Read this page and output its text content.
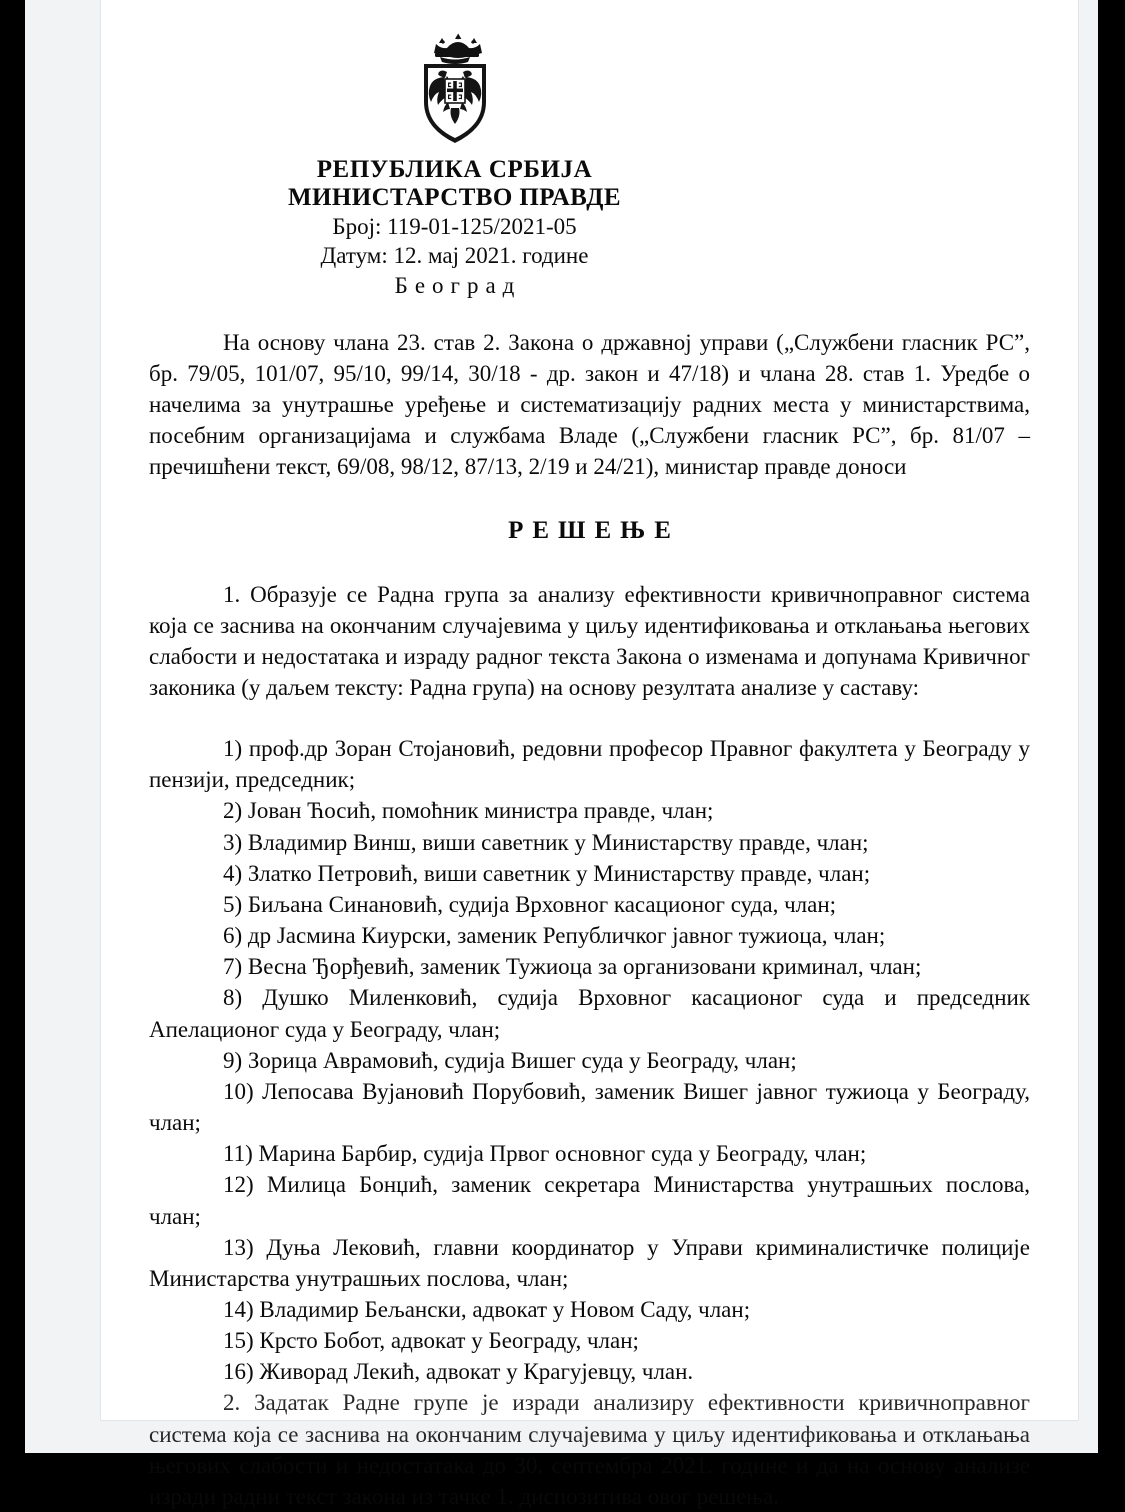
РЕПУБЛИКА СРБИЈА
МИНИСТАРСТВО ПРАВДЕ
Број: 119-01-125/2021-05
Датум: 12. мај 2021. године
Београд

На основу члана 23. став 2. Закона о државној управи („Службени гласник РС”, бр. 79/05, 101/07, 95/10, 99/14, 30/18 - др. закон и 47/18) и члана 28. став 1. Уредбе о начелима за унутрашње уређење и систематизацију радних места у министарствима, посебним организацијама и службама Владе („Службени гласник РС”, бр. 81/07 – пречишћени текст, 69/08, 98/12, 87/13, 2/19 и 24/21), министар правде доноси

РЕШЕЊЕ

1. Образује се Радна група за анализу ефективности кривичноправног система која се заснива на окончаним случајевима у циљу идентификовања и отклањања његових слабости и недостатака и израду радног текста Закона о изменама и допунама Кривичног законика (у даљем тексту: Радна група) на основу резултата анализе у саставу:

1) проф.др Зоран Стојановић, редовни професор Правног факултета у Београду у пензији, председник;
2) Јован Ћосић, помоћник министра правде, члан;
3) Владимир Винш, виши саветник у Министарству правде, члан;
4) Златко Петровић, виши саветник у Министарству правде, члан;
5) Биљана Синановић, судија Врховног касационог суда, члан;
6) др Јасмина Киурски, заменик Републичког јавног тужиоца, члан;
7) Весна Ђорђевић, заменик Тужиоца за организовани криминал, члан;
8) Душко Миленковић, судија Врховног касационог суда и председник Апелационог суда у Београду, члан;
9) Зорица Аврамовић, судија Вишег суда у Београду, члан;
10) Лепосава Вујановић Порубовић, заменик Вишег јавног тужиоца у Београду, члан;
11) Марина Барбир, судија Првог основног суда у Београду, члан;
12) Милица Бонџић, заменик секретара Министарства унутрашњих послова, члан;
13) Дуња Лековић, главни координатор у Управи криминалистичке полиције Министарства унутрашњих послова, члан;
14) Владимир Бељански, адвокат у Новом Саду, члан;
15) Крсто Бобот, адвокат у Београду, члан;
16) Живорад Лекић, адвокат у Крагујевцу, члан.

2. Задатак Радне групе је изради анализиру ефективности кривичноправног система која се заснива на окончаним случајевима у циљу идентификовања и отклањања његових слабости и недостатака до 30. септембра 2021. године и да на основу анализе изради радни текст закона из тачке 1. диспозитива овог решења.
